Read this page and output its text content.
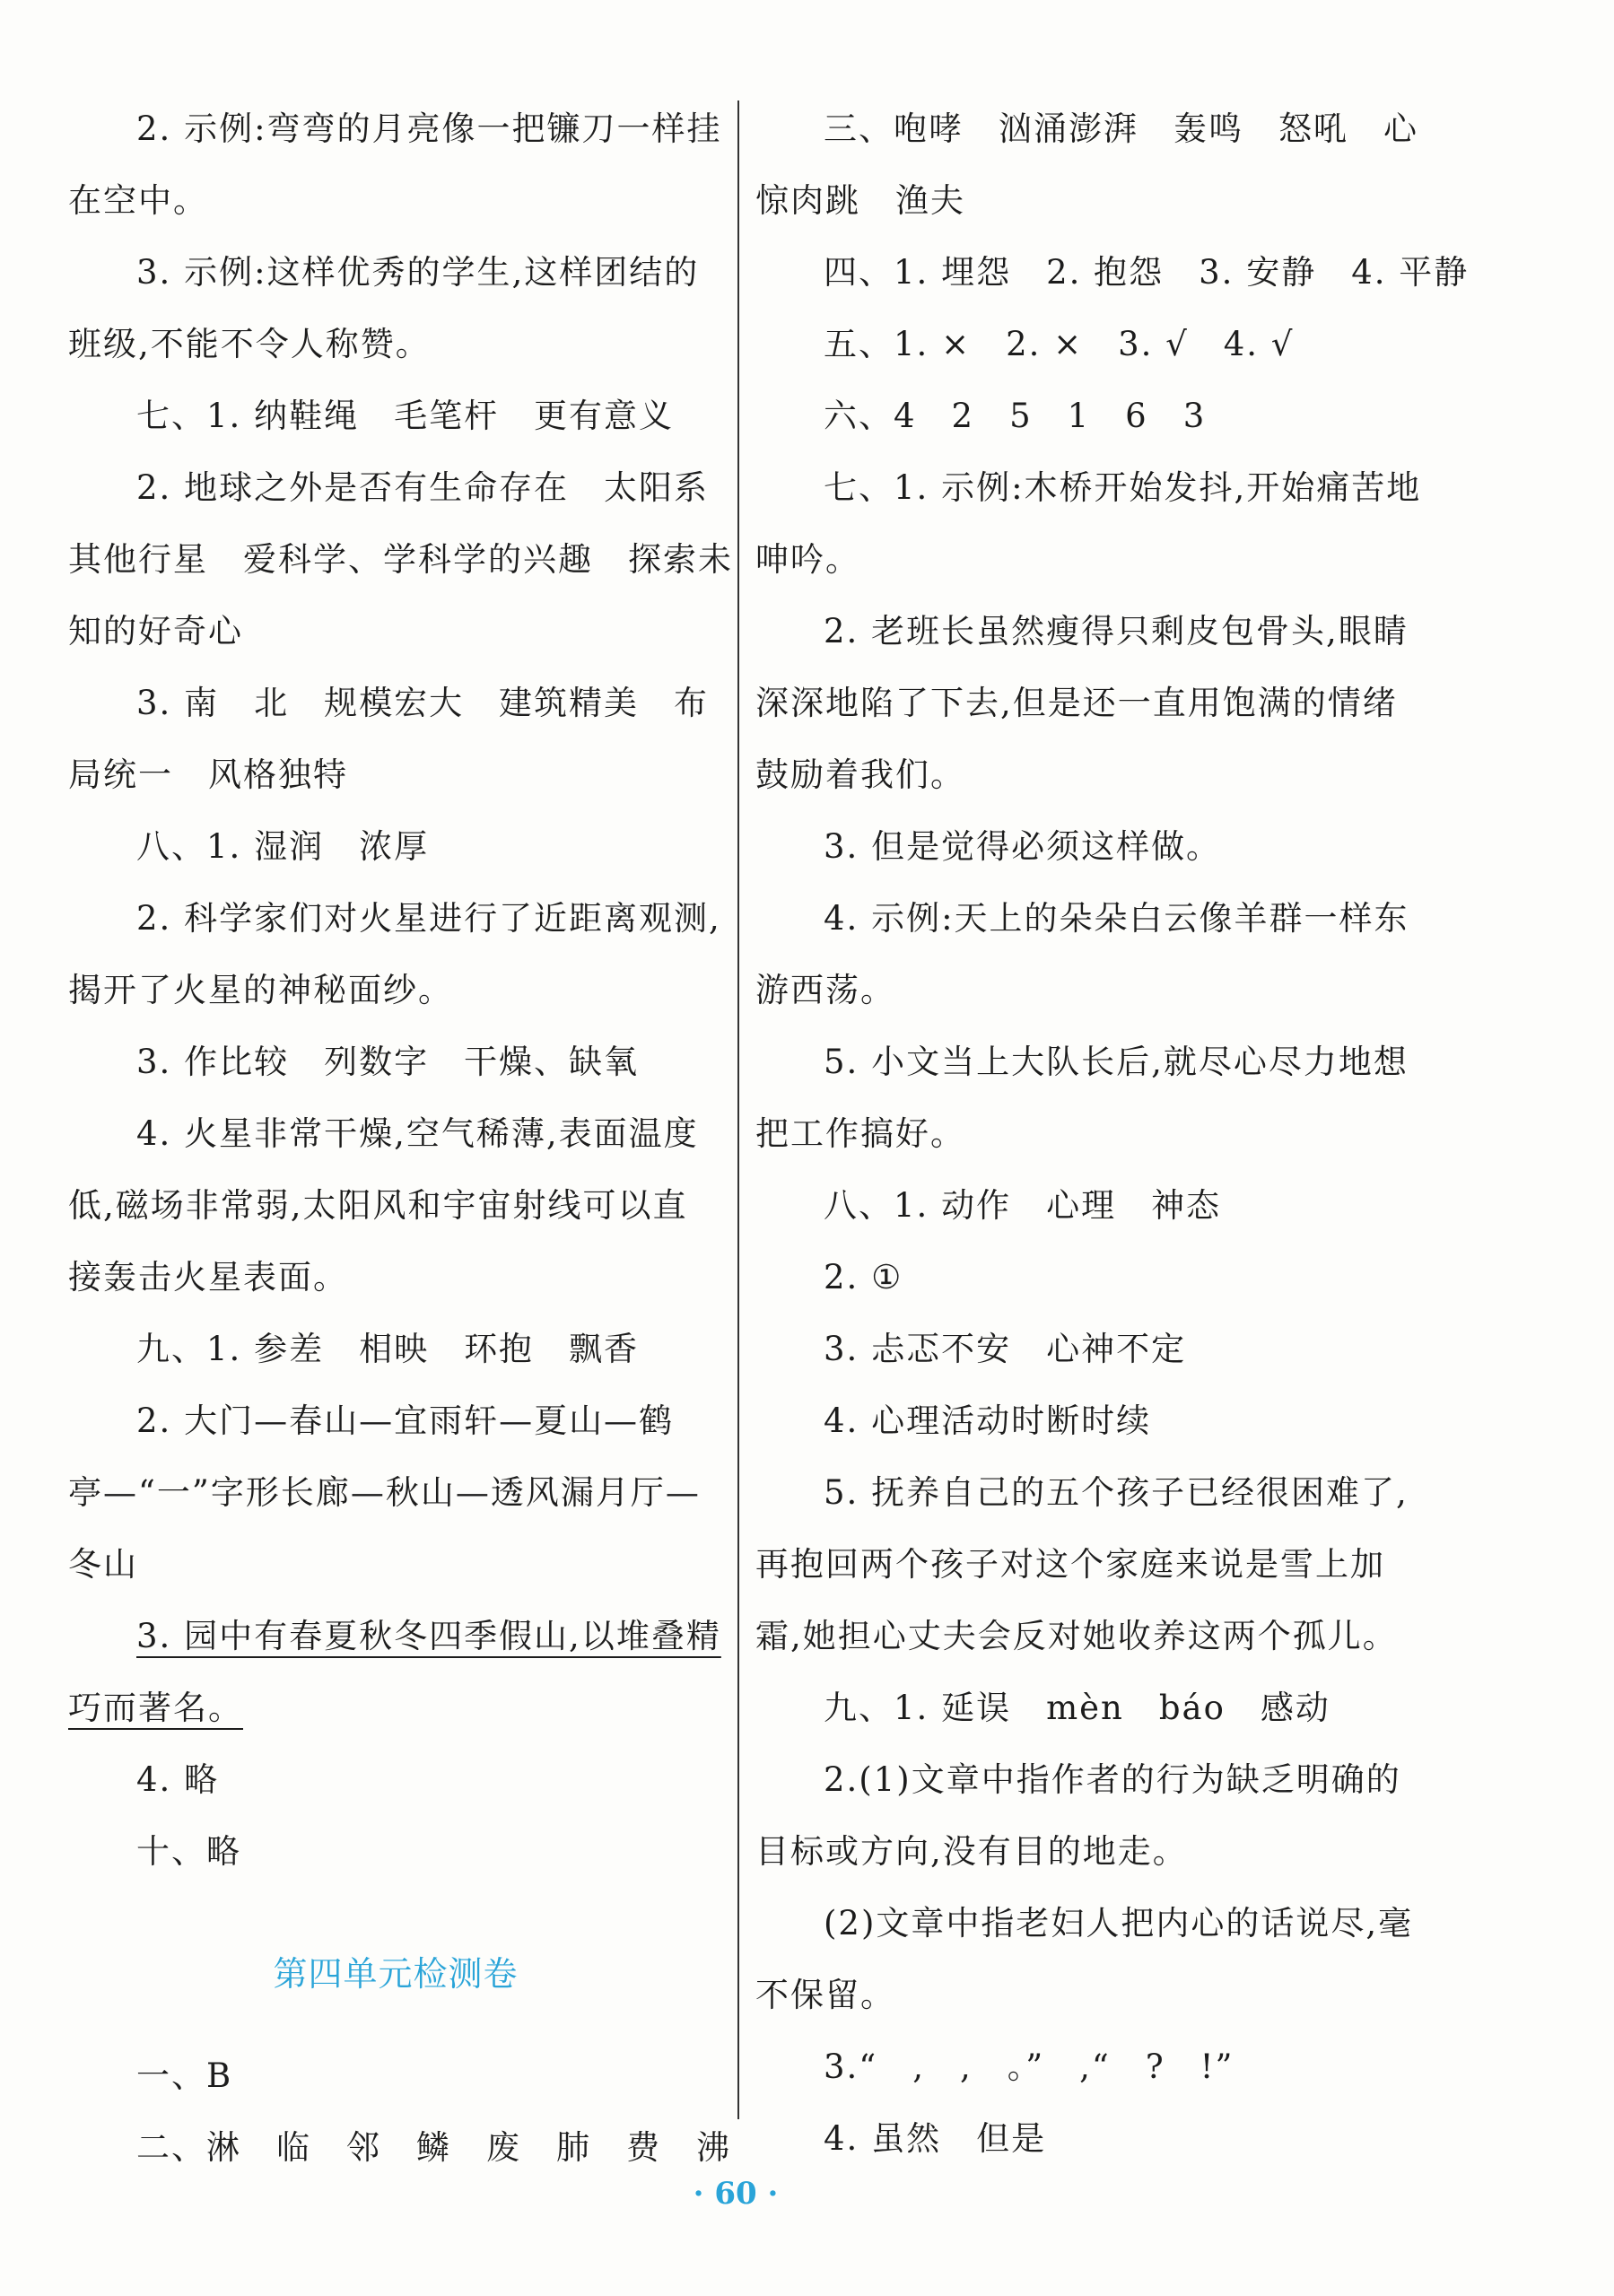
2. 示例:弯弯的月亮像一把镰刀一样挂
在空中。
3. 示例:这样优秀的学生,这样团结的
班级,不能不令人称赞。
七、1. 纳鞋绳　毛笔杆　更有意义
2. 地球之外是否有生命存在　太阳系
其他行星　爱科学、学科学的兴趣　探索未
知的好奇心
3. 南　北　规模宏大　建筑精美　布
局统一　风格独特
八、1. 湿润　浓厚
2. 科学家们对火星进行了近距离观测,
揭开了火星的神秘面纱。
3. 作比较　列数字　干燥、缺氧
4. 火星非常干燥,空气稀薄,表面温度
低,磁场非常弱,太阳风和宇宙射线可以直
接轰击火星表面。
九、1. 参差　相映　环抱　飘香
2. 大门—春山—宜雨轩—夏山—鹤
亭—“一”字形长廊—秋山—透风漏月厅—
冬山
3. 园中有春夏秋冬四季假山,以堆叠精
巧而著名。
4. 略
十、略
第四单元检测卷
一、B
二、淋　临　邻　鳞　废　肺　费　沸
三、咆哮　汹涌澎湃　轰鸣　怒吼　心
惊肉跳　渔夫
四、1. 埋怨　2. 抱怨　3. 安静　4. 平静
五、1. ×　2. ×　3. √　4. √
六、4　2　5　1　6　3
七、1. 示例:木桥开始发抖,开始痛苦地
呻吟。
2. 老班长虽然瘦得只剩皮包骨头,眼睛
深深地陷了下去,但是还一直用饱满的情绪
鼓励着我们。
3. 但是觉得必须这样做。
4. 示例:天上的朵朵白云像羊群一样东
游西荡。
5. 小文当上大队长后,就尽心尽力地想
把工作搞好。
八、1. 动作　心理　神态
2. ①
3. 忐忑不安　心神不定
4. 心理活动时断时续
5. 抚养自己的五个孩子已经很困难了,
再抱回两个孩子对这个家庭来说是雪上加
霜,她担心丈夫会反对她收养这两个孤儿。
九、1. 延误　mèn　báo　感动
2.(1)文章中指作者的行为缺乏明确的
目标或方向,没有目的地走。
(2)文章中指老妇人把内心的话说尽,毫
不保留。
3.“　,　,　。”　,“　?　!”
4. 虽然　但是
· 60 ·
